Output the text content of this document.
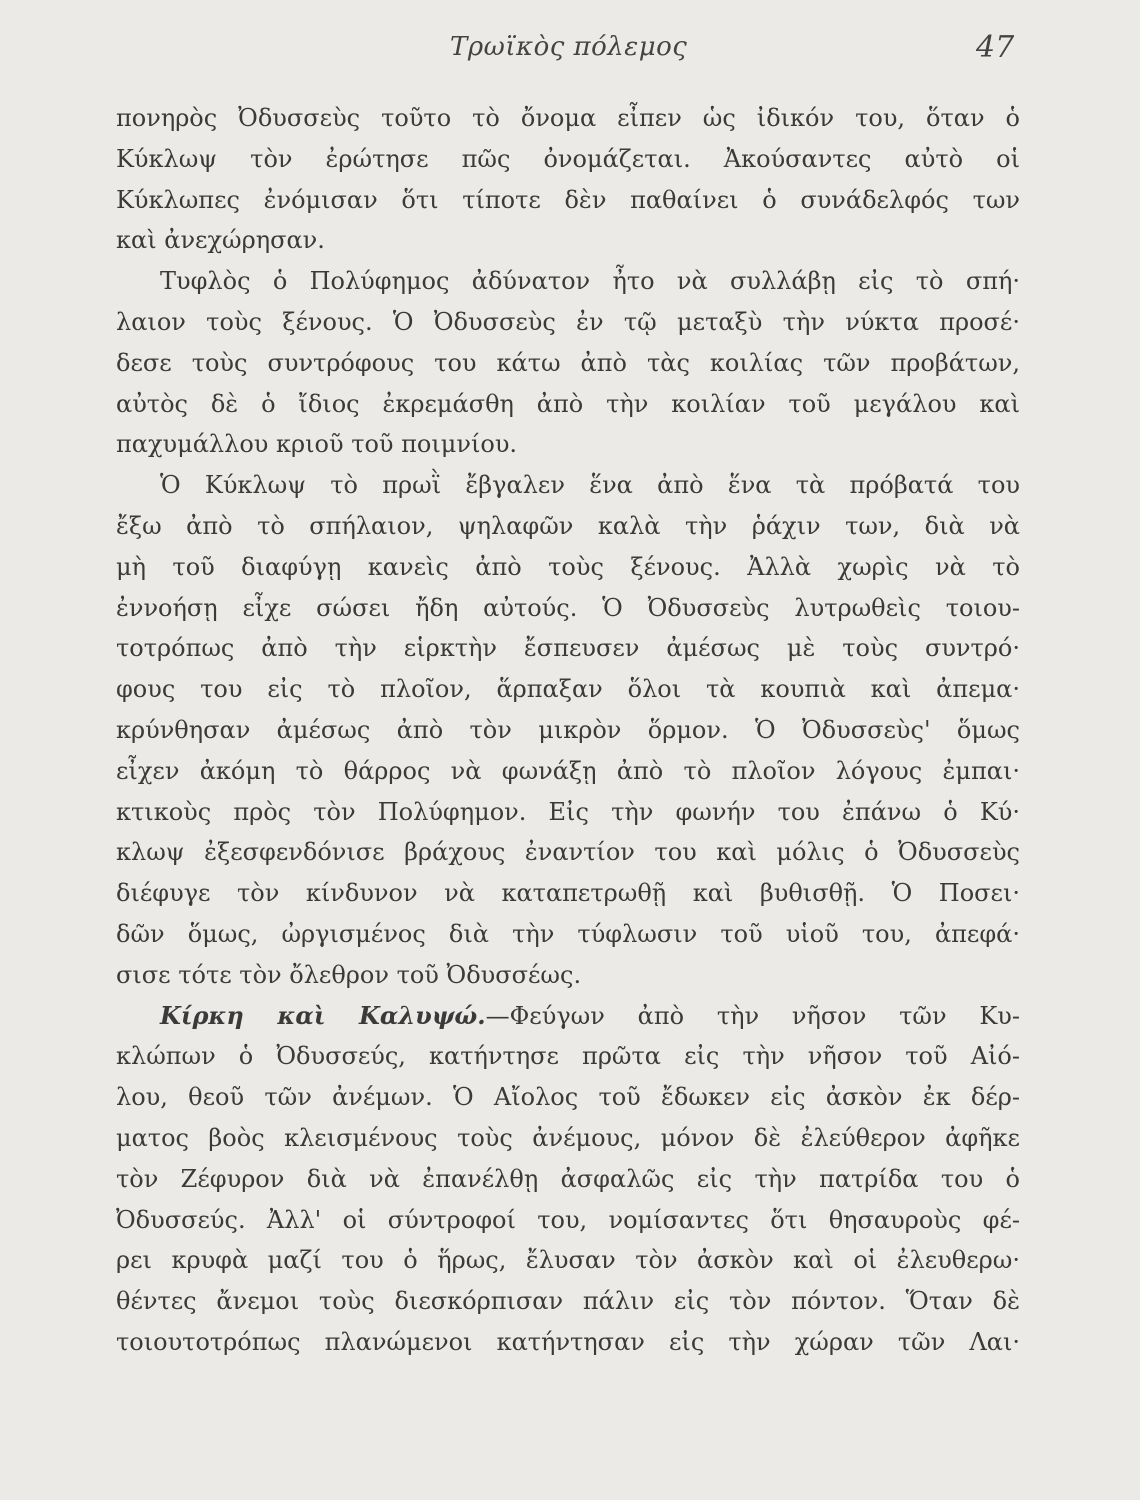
Τρωϊκὸς πόλεμος	47
πονηρὸς Ὀδυσσεὺς τοῦτο τὸ ὄνομα εἶπεν ὡς ἰδικόν του, ὅταν ὁ
Κύκλωψ τὸν ἐρώτησε πῶς ὀνομάζεται. Ἀκούσαντες αὐτὸ οἱ
Κύκλωπες ἐνόμισαν ὅτι τίποτε δὲν παθαίνει ὁ συνάδελφός των
καὶ ἀνεχώρησαν.
Τυφλὸς ὁ Πολύφημος ἀδύνατον ἦτο νὰ συλλάβῃ εἰς τὸ σπή·
λαιον τοὺς ξένους. Ὁ Ὀδυσσεὺς ἐν τῷ μεταξὺ τὴν νύκτα προσέ·
δεσε τοὺς συντρόφους του κάτω ἀπὸ τὰς κοιλίας τῶν προβάτων,
αὐτὸς δὲ ὁ ἴδιος ἐκρεμάσθη ἀπὸ τὴν κοιλίαν τοῦ μεγάλου καὶ
παχυμάλλου κριοῦ τοῦ ποιμνίου.
Ὁ Κύκλωψ τὸ πρωῒ ἔβγαλεν ἕνα ἀπὸ ἕνα τὰ πρόβατά του
ἔξω ἀπὸ τὸ σπήλαιον, ψηλαφῶν καλὰ τὴν ῥάχιν των, διὰ νὰ
μὴ τοῦ διαφύγῃ κανεὶς ἀπὸ τοὺς ξένους. Ἀλλὰ χωρὶς νὰ τὸ
ἐννοήσῃ εἶχε σώσει ἤδη αὐτούς. Ὁ Ὀδυσσεὺς λυτρωθεὶς τοιου-
τοτρόπως ἀπὸ τὴν εἱρκτὴν ἔσπευσεν ἀμέσως μὲ τοὺς συντρό·
φους του εἰς τὸ πλοῖον, ἅρπαξαν ὅλοι τὰ κουπιὰ καὶ ἀπεμα·
κρύνθησαν ἀμέσως ἀπὸ τὸν μικρὸν ὅρμον. Ὁ Ὀδυσσεὺς' ὅμως
εἶχεν ἀκόμη τὸ θάρρος νὰ φωνάξῃ ἀπὸ τὸ πλοῖον λόγους ἐμπαι·
κτικοὺς πρὸς τὸν Πολύφημον. Εἰς τὴν φωνήν του ἐπάνω ὁ Κύ·
κλωψ ἐξεσφενδόνισε βράχους ἐναντίον του καὶ μόλις ὁ Ὀδυσσεὺς
διέφυγε τὸν κίνδυνον νὰ καταπετρωθῇ καὶ βυθισθῇ. Ὁ Ποσει·
δῶν ὅμως, ὠργισμένος διὰ τὴν τύφλωσιν τοῦ υἱοῦ του, ἀπεφά·
σισε τότε τὸν ὄλεθρον τοῦ Ὀδυσσέως.
Κίρκη καὶ Καλυψώ.—Φεύγων ἀπὸ τὴν νῆσον τῶν Κυ-
κλώπων ὁ Ὀδυσσεύς, κατήντησε πρῶτα εἰς τὴν νῆσον τοῦ Αἰό-
λου, θεοῦ τῶν ἀνέμων. Ὁ Αἴολος τοῦ ἔδωκεν εἰς ἀσκὸν ἐκ δέρ-
ματος βοὸς κλεισμένους τοὺς ἀνέμους, μόνον δὲ ἐλεύθερον ἀφῆκε
τὸν Ζέφυρον διὰ νὰ ἐπανέλθῃ ἀσφαλῶς εἰς τὴν πατρίδα του ὁ
Ὀδυσσεύς. Ἀλλ' οἱ σύντροφοί του, νομίσαντες ὅτι θησαυροὺς φέ-
ρει κρυφὰ μαζί του ὁ ἥρως, ἔλυσαν τὸν ἀσκὸν καὶ οἱ ἐλευθερω·
θέντες ἄνεμοι τοὺς διεσκόρπισαν πάλιν εἰς τὸν πόντον. Ὅταν δὲ
τοιουτοτρόπως πλανώμενοι κατήντησαν εἰς τὴν χώραν τῶν Λαι·
